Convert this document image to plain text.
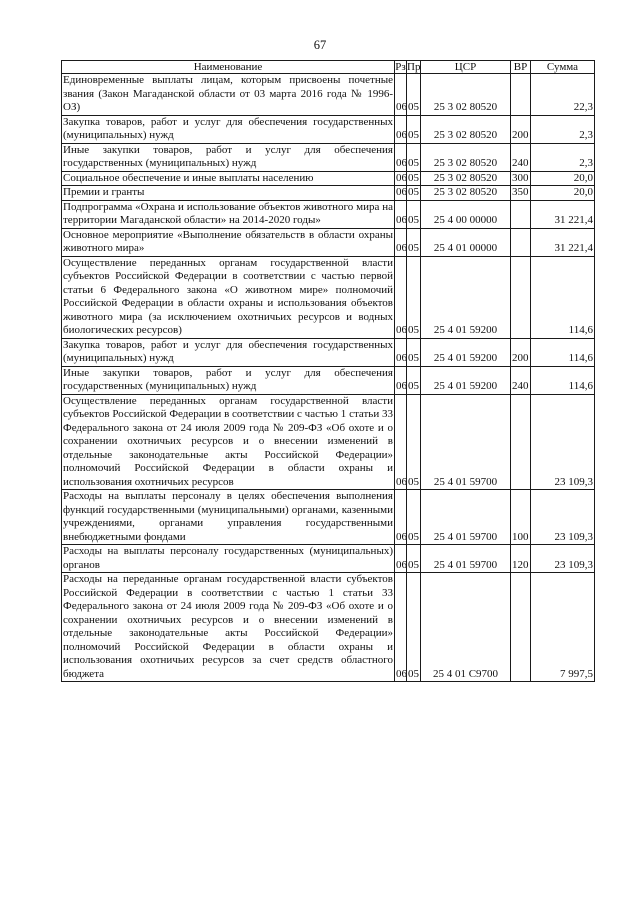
67
Наименование	Рз	Пр	ЦСР	ВР	Сумма
Единовременные выплаты лицам, которым присвоены почетные звания (Закон Магаданской области от 03 марта 2016 года № 1996-ОЗ)	06	05	25 3 02 80520		22,3
Закупка товаров, работ и услуг для обеспечения государственных (муниципальных) нужд	06	05	25 3 02 80520	200	2,3
Иные закупки товаров, работ и услуг для обеспечения государственных (муниципальных) нужд	06	05	25 3 02 80520	240	2,3
Социальное обеспечение и иные выплаты населению	06	05	25 3 02 80520	300	20,0
Премии и гранты	06	05	25 3 02 80520	350	20,0
Подпрограмма «Охрана и использование объектов животного мира на территории Магаданской области» на 2014-2020 годы»	06	05	25 4 00 00000		31 221,4
Основное мероприятие «Выполнение обязательств в области охраны животного мира»	06	05	25 4 01 00000		31 221,4
Осуществление переданных органам государственной власти субъектов Российской Федерации в соответствии с частью первой статьи 6 Федерального закона «О животном мире» полномочий Российской Федерации в области охраны и использования объектов животного мира (за исключением охотничьих ресурсов и водных биологических ресурсов)	06	05	25 4 01 59200		114,6
Закупка товаров, работ и услуг для обеспечения государственных (муниципальных) нужд	06	05	25 4 01 59200	200	114,6
Иные закупки товаров, работ и услуг для обеспечения государственных (муниципальных) нужд	06	05	25 4 01 59200	240	114,6
Осуществление переданных органам государственной власти субъектов Российской Федерации в соответствии с частью 1 статьи 33 Федерального закона от 24 июля 2009 года № 209-ФЗ «Об охоте и о сохранении охотничьих ресурсов и о внесении изменений в отдельные законодательные акты Российской Федерации» полномочий Российской Федерации в области охраны и использования охотничьих ресурсов	06	05	25 4 01 59700		23 109,3
Расходы на выплаты персоналу в целях обеспечения выполнения функций государственными (муниципальными) органами, казенными учреждениями, органами управления государственными внебюджетными фондами	06	05	25 4 01 59700	100	23 109,3
Расходы на выплаты персоналу государственных (муниципальных) органов	06	05	25 4 01 59700	120	23 109,3
Расходы на переданные органам государственной власти субъектов Российской Федерации в соответствии с частью 1 статьи 33 Федерального закона от 24 июля 2009 года № 209-ФЗ «Об охоте и о сохранении охотничьих ресурсов и о внесении изменений в отдельные законодательные акты Российской Федерации» полномочий Российской Федерации в области охраны и использования охотничьих ресурсов за счет средств областного бюджета	06	05	25 4 01 С9700		7 997,5
